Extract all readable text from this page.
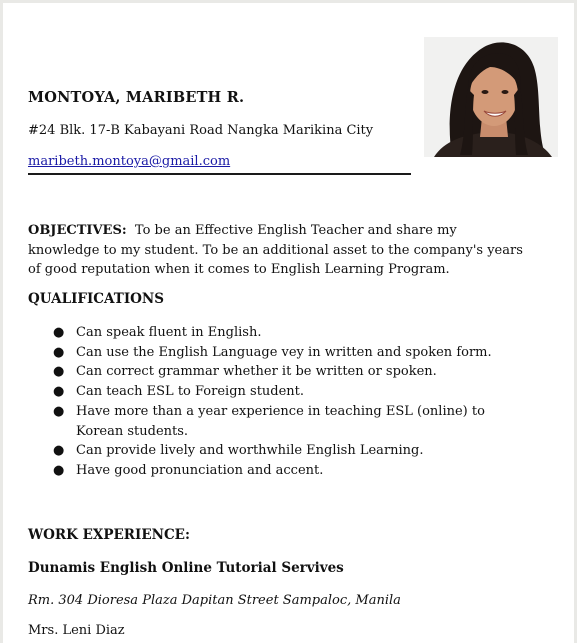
MONTOYA, MARIBETH R.
#24 Blk. 17-B Kabayani Road Nangka Marikina City
maribeth.montoya@gmail.com
OBJECTIVES: To be an Effective English Teacher and share my knowledge to my student. To be an additional asset to the company's years of good reputation when it comes to English Learning Program.
QUALIFICATIONS
● Can speak fluent in English.
● Can use the English Language vey in written and spoken form.
● Can correct grammar whether it be written or spoken.
● Can teach ESL to Foreign student.
● Have more than a year experience in teaching ESL (online) to Korean students.
● Can provide lively and worthwhile English Learning.
● Have good pronunciation and accent.
WORK EXPERIENCE:
Dunamis English Online Tutorial Servives
Rm. 304 Dioresa Plaza Dapitan Street Sampaloc, Manila
Mrs. Leni Diaz
